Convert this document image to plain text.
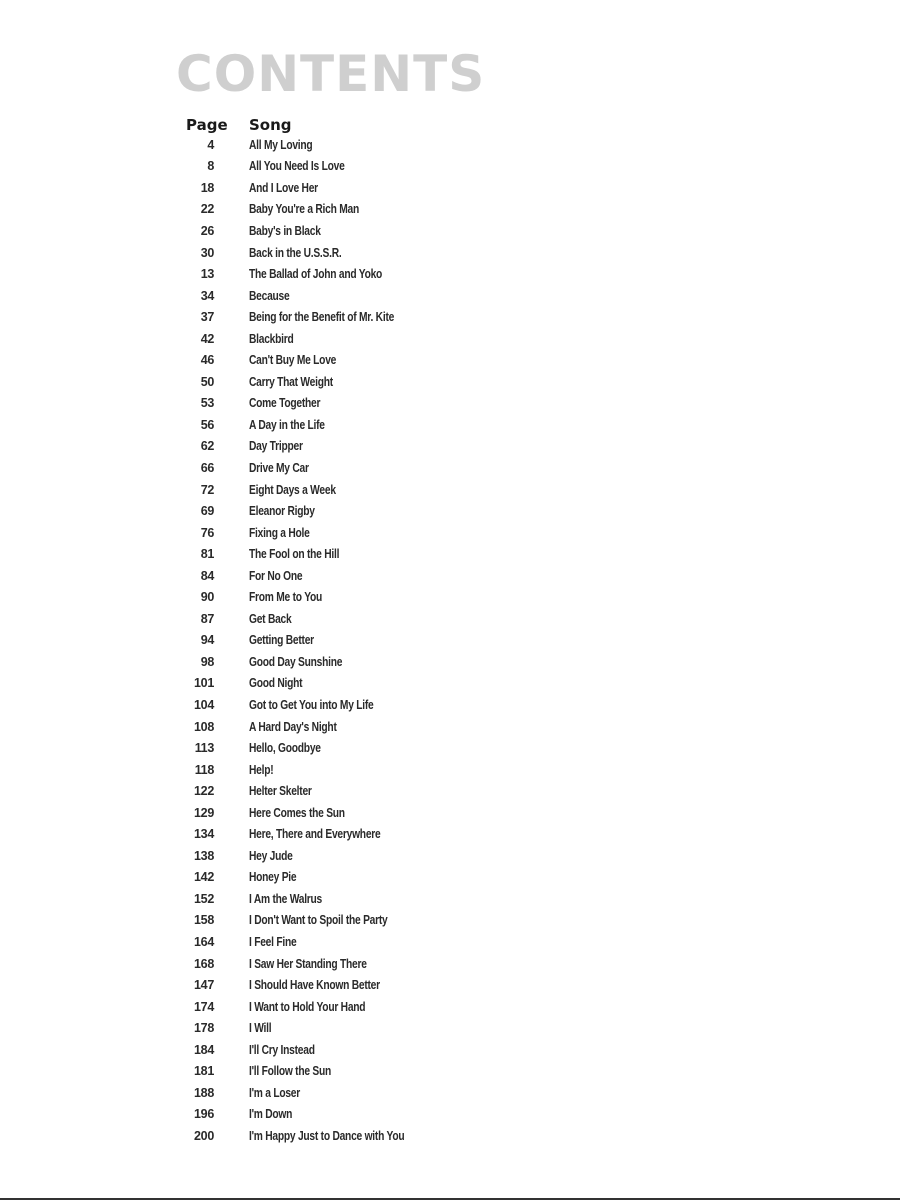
CONTENTS
Page	Song
4	All My Loving
8	All You Need Is Love
18	And I Love Her
22	Baby You're a Rich Man
26	Baby's in Black
30	Back in the U.S.S.R.
13	The Ballad of John and Yoko
34	Because
37	Being for the Benefit of Mr. Kite
42	Blackbird
46	Can't Buy Me Love
50	Carry That Weight
53	Come Together
56	A Day in the Life
62	Day Tripper
66	Drive My Car
72	Eight Days a Week
69	Eleanor Rigby
76	Fixing a Hole
81	The Fool on the Hill
84	For No One
90	From Me to You
87	Get Back
94	Getting Better
98	Good Day Sunshine
101	Good Night
104	Got to Get You into My Life
108	A Hard Day's Night
113	Hello, Goodbye
118	Help!
122	Helter Skelter
129	Here Comes the Sun
134	Here, There and Everywhere
138	Hey Jude
142	Honey Pie
152	I Am the Walrus
158	I Don't Want to Spoil the Party
164	I Feel Fine
168	I Saw Her Standing There
147	I Should Have Known Better
174	I Want to Hold Your Hand
178	I Will
184	I'll Cry Instead
181	I'll Follow the Sun
188	I'm a Loser
196	I'm Down
200	I'm Happy Just to Dance with You
